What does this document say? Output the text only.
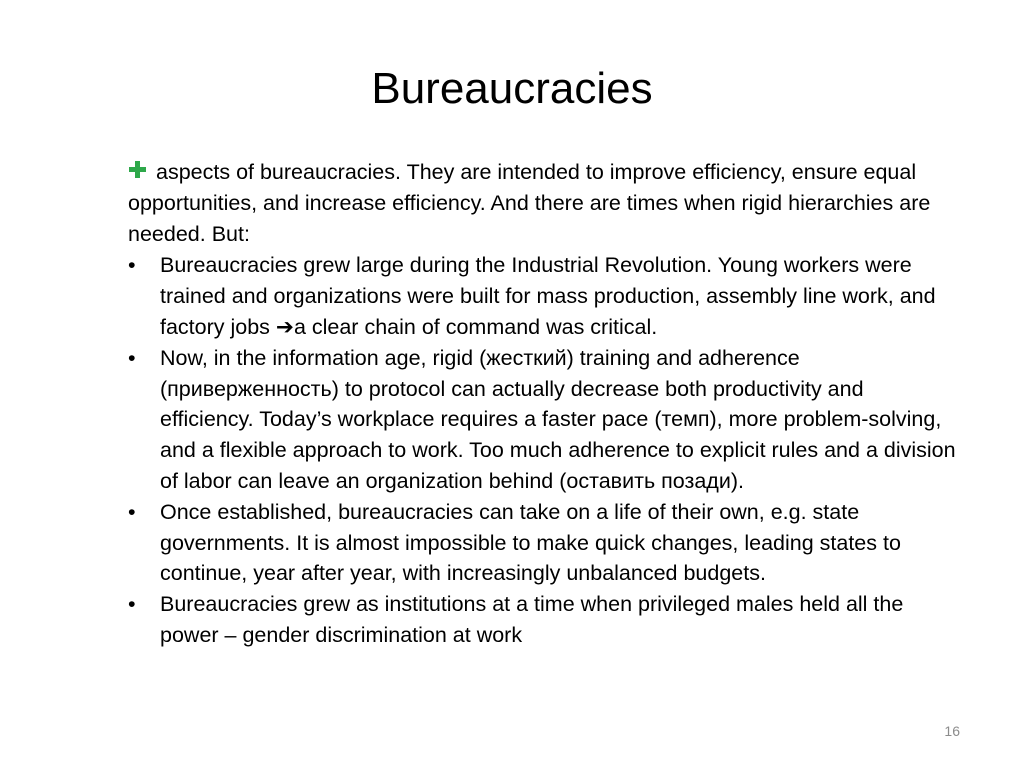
Bureaucracies

aspects of bureaucracies. They are intended to improve efficiency, ensure equal opportunities, and increase efficiency. And there are times when rigid hierarchies are needed. But:

•	Bureaucracies grew large during the Industrial Revolution. Young workers were trained and organizations were built for mass production, assembly line work, and factory jobs ➔a clear chain of command was critical.
•	Now, in the information age, rigid (жесткий) training and adherence (приверженность) to protocol can actually decrease both productivity and efficiency. Today’s workplace requires a faster pace (темп), more problem-solving, and a flexible approach to work. Too much adherence to explicit rules and a division of labor can leave an organization behind (оставить позади).
•	Once established, bureaucracies can take on a life of their own, e.g. state governments. It is almost impossible to make quick changes, leading states to continue, year after year, with increasingly unbalanced budgets.
•	Bureaucracies grew as institutions at a time when privileged males held all the power – gender discrimination at work
16
